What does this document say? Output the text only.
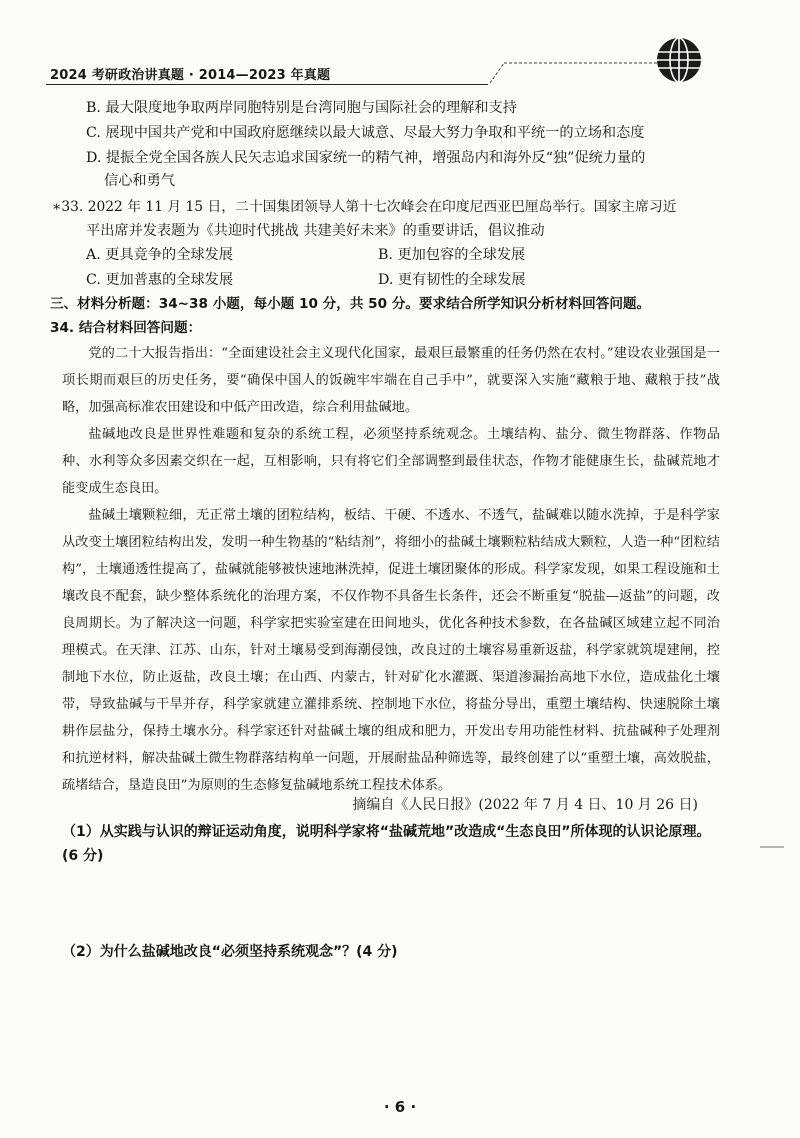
2024 考研政治讲真题 · 2014—2023 年真题
B. 最大限度地争取两岸同胞特别是台湾同胞与国际社会的理解和支持
C. 展现中国共产党和中国政府愿继续以最大诚意、尽最大努力争取和平统一的立场和态度
D. 提振全党全国各族人民矢志追求国家统一的精气神，增强岛内和海外反“独”促统力量的
信心和勇气
∗33. 2022 年 11 月 15 日，二十国集团领导人第十七次峰会在印度尼西亚巴厘岛举行。国家主席习近
平出席并发表题为《共迎时代挑战 共建美好未来》的重要讲话，倡议推动
A. 更具竞争的全球发展	B. 更加包容的全球发展
C. 更加普惠的全球发展	D. 更有韧性的全球发展
三、材料分析题：34~38 小题，每小题 10 分，共 50 分。要求结合所学知识分析材料回答问题。
34. 结合材料回答问题：

党的二十大报告指出：“全面建设社会主义现代化国家，最艰巨最繁重的任务仍然在农村。”建设农业强国是一项长期而艰巨的历史任务，要“确保中国人的饭碗牢牢端在自己手中”，就要深入实施“藏粮于地、藏粮于技”战略，加强高标准农田建设和中低产田改造，综合利用盐碱地。

盐碱地改良是世界性难题和复杂的系统工程，必须坚持系统观念。土壤结构、盐分、微生物群落、作物品种、水利等众多因素交织在一起，互相影响，只有将它们全部调整到最佳状态，作物才能健康生长，盐碱荒地才能变成生态良田。

盐碱土壤颗粒细，无正常土壤的团粒结构，板结、干硬、不透水、不透气，盐碱难以随水洗掉，于是科学家从改变土壤团粒结构出发，发明一种生物基的“粘结剂”，将细小的盐碱土壤颗粒粘结成大颗粒，人造一种“团粒结构”，土壤通透性提高了，盐碱就能够被快速地淋洗掉，促进土壤团聚体的形成。科学家发现，如果工程设施和土壤改良不配套，缺少整体系统化的治理方案，不仅作物不具备生长条件，还会不断重复“脱盐—返盐”的问题，改良周期长。为了解决这一问题，科学家把实验室建在田间地头，优化各种技术参数，在各盐碱区域建立起不同治理模式。在天津、江苏、山东，针对土壤易受到海潮侵蚀，改良过的土壤容易重新返盐，科学家就筑堤建闸，控制地下水位，防止返盐，改良土壤；在山西、内蒙古，针对矿化水灌溉、渠道渗漏抬高地下水位，造成盐化土壤带，导致盐碱与干旱并存，科学家就建立灌排系统、控制地下水位，将盐分导出，重塑土壤结构、快速脱除土壤耕作层盐分，保持土壤水分。科学家还针对盐碱土壤的组成和肥力，开发出专用功能性材料、抗盐碱种子处理剂和抗逆材料，解决盐碱土微生物群落结构单一问题，开展耐盐品种筛选等，最终创建了以“重塑土壤，高效脱盐，疏堵结合，垦造良田”为原则的生态修复盐碱地系统工程技术体系。

摘编自《人民日报》(2022 年 7 月 4 日、10 月 26 日)
（1）从实践与认识的辩证运动角度，说明科学家将“盐碱荒地”改造成“生态良田”所体现的认识论原理。(6 分)
（2）为什么盐碱地改良“必须坚持系统观念”？(4 分)
· 6 ·
